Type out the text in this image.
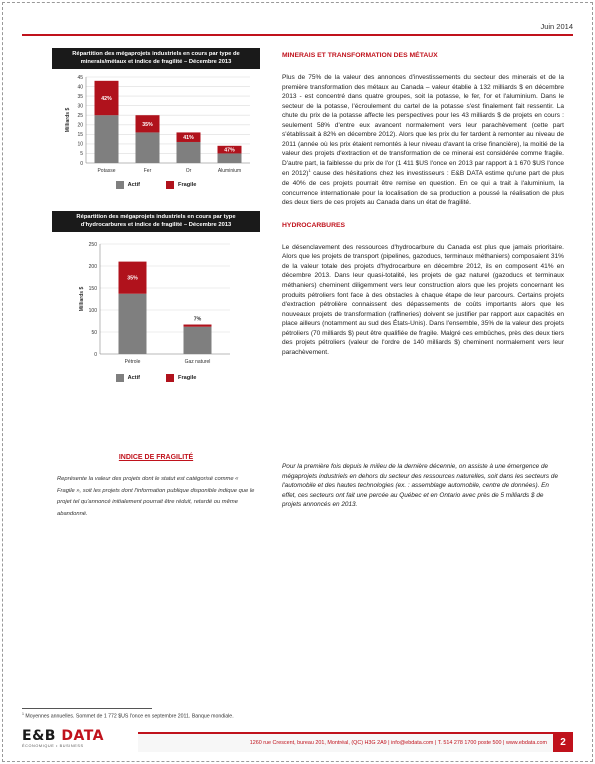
Juin 2014
Répartition des mégaprojets industriels en cours par type de minerais/métaux et indice de fragilité – Décembre 2013
0
5
10
15
20
25
30
35
40
45
Milliards $
42%
Potasse
35%
Fer
41%
Or
47%
Aluminium
Actif	Fragile
Répartition des mégaprojets industriels en cours par type d'hydrocarbures et indice de fragilité – Décembre 2013
0
50
100
150
200
250
Milliards $
35%
Pétrole
7%
Gaz naturel
Actif	Fragile
INDICE DE FRAGILITÉ
Représente la valeur des projets dont le statut est catégorisé comme « Fragile », soit les projets dont l'information publique disponible indique que le projet tel qu'annoncé initialement pourrait être réduit, retardé ou même abandonné.
MINERAIS ET TRANSFORMATION DES MÉTAUX

Plus de 75% de la valeur des annonces d'investissements du secteur des minerais et de la première transformation des métaux au Canada – valeur établie à 132 milliards $ en décembre 2013 - est concentré dans quatre groupes, soit la potasse, le fer, l'or et l'aluminium. Dans le secteur de la potasse, l'écroulement du cartel de la potasse s'est finalement fait ressentir. La chute du prix de la potasse affecte les perspectives pour les 43 milliards $ de projets en cours : seulement 58% d'entre eux avancent normalement vers leur parachèvement (cette part s'établissait à 82% en décembre 2012). Alors que les prix du fer tardent à remonter au niveau de 2011 (année où les prix étaient remontés à leur niveau d'avant la crise financière), la moitié de la valeur des projets d'extraction et de transformation de ce minerai est considérée comme fragile. D'autre part, la faiblesse du prix de l'or (1 411 $US l'once en 2013 par rapport à 1 670 $US l'once en 2012)$^1$ cause des hésitations chez les investisseurs : E&B DATA estime qu'une part de plus de 40% de ces projets pourrait être remise en question. En ce qui a trait à l'aluminium, la concurrence internationale pour la localisation de sa production a poussé la réalisation de plus des deux tiers de ces projets au Canada dans un état de fragilité.

HYDROCARBURES

Le désenclavement des ressources d'hydrocarbure du Canada est plus que jamais prioritaire. Alors que les projets de transport (pipelines, gazoducs, terminaux méthaniers) composaient 31% de la valeur totale des projets d'hydrocarbure en décembre 2012, ils en composent 41% en décembre 2013. Dans leur quasi-totalité, les projets de gaz naturel (gazoducs et terminaux méthaniers) cheminent diligemment vers leur construction alors que les projets concernant les produits pétroliers font face à des obstacles à chaque étape de leur parcours. Certains projets d'extraction pétrolière connaissent des dépassements de coûts importants alors que les nouveaux projets de transformation (raffineries) doivent se justifier par rapport aux capacités en place ailleurs (notamment au sud des États-Unis). Dans l'ensemble, 35% de la valeur des projets pétroliers (70 milliards $) peut être qualifiée de fragile. Malgré ces embûches, près des deux tiers des projets pétroliers (valeur de l'ordre de 140 milliards $) cheminent normalement vers leur parachèvement.

Pour la première fois depuis le milieu de la dernière décennie, on assiste à une émergence de mégaprojets industriels en dehors du secteur des ressources naturelles, soit dans les secteurs de l'automobile et des hautes technologies (ex. : assemblage automobile, centre de données). En effet, ces secteurs ont fait une percée au Québec et en Ontario avec près de 5 milliards $ de projets annoncés en 2013.
$^1$ Moyennes annuelles. Sommet de 1 772 $US l'once en septembre 2011. Banque mondiale.
E&B DATA
ÉCONOMIQUE • BUSINESS	1260 rue Crescent, bureau 201, Montréal, (QC) H3G 2A9 | info@ebdata.com | T. 514 278 1700 poste 500 | www.ebdata.com	2
